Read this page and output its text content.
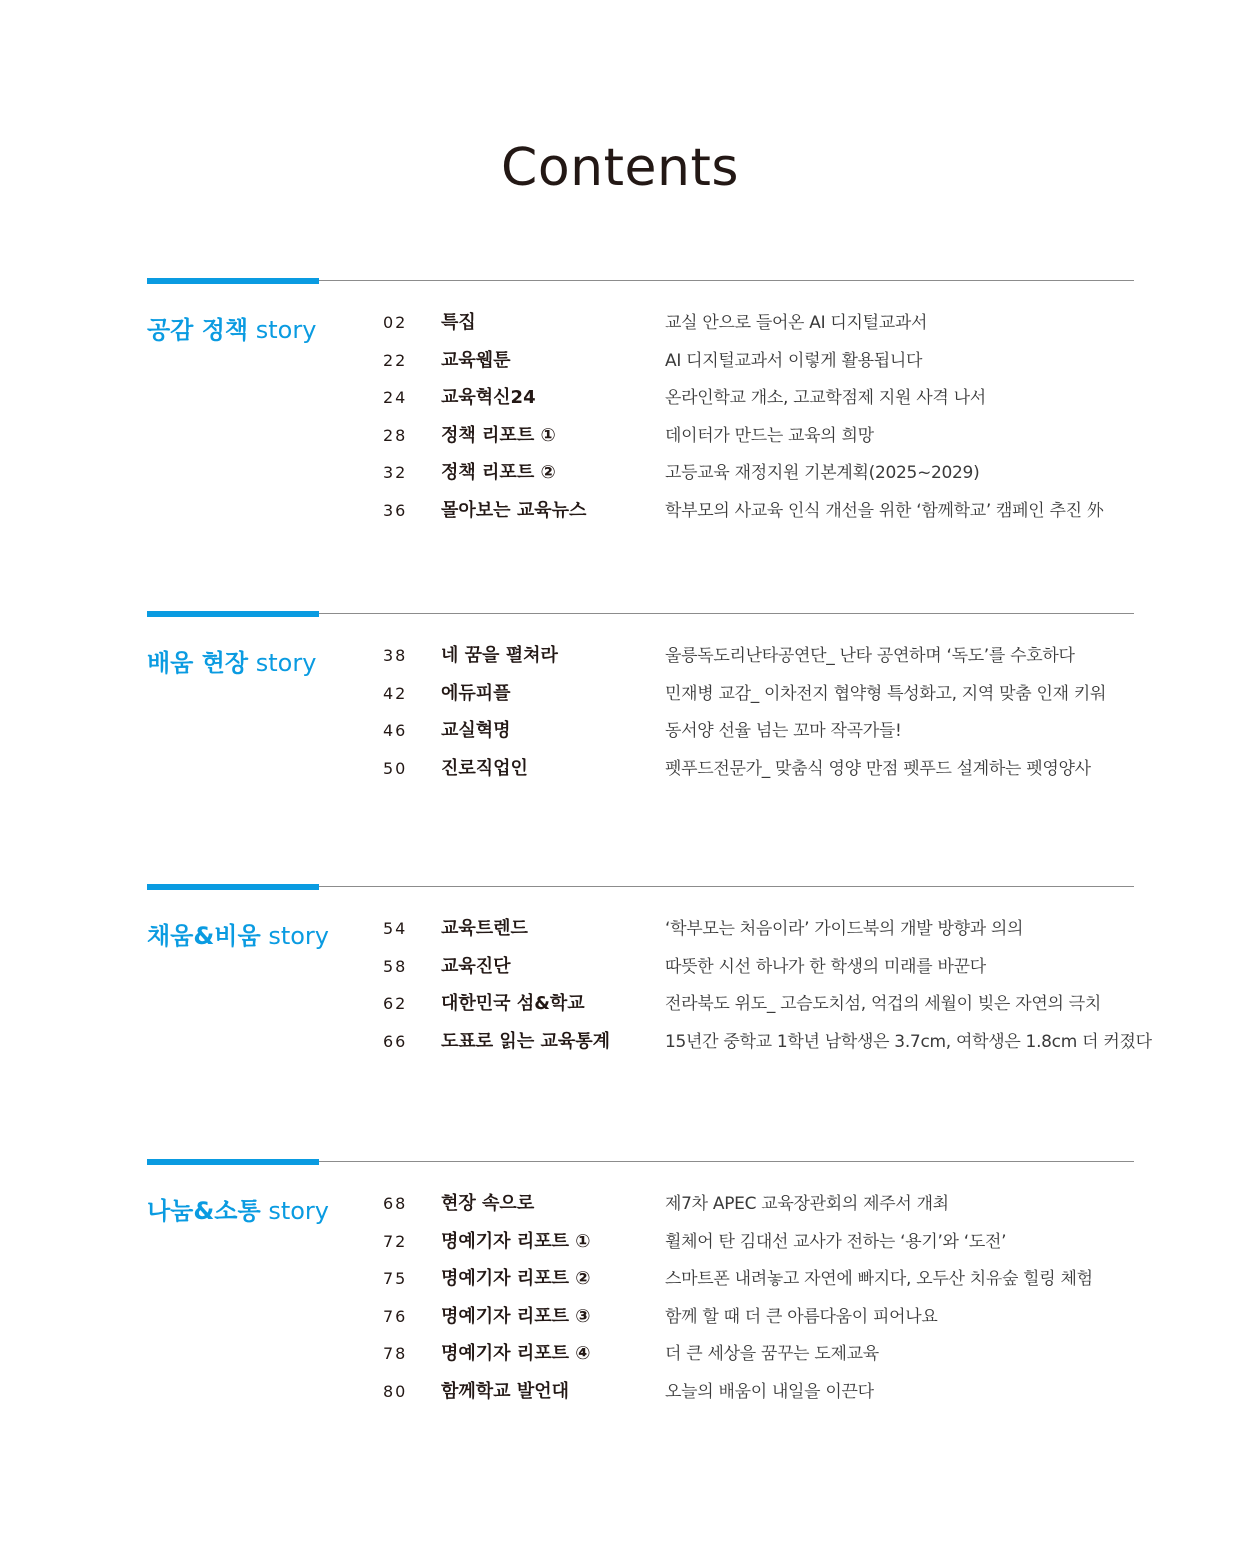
Contents
공감 정책 story	02 특집	교실 안으로 들어온 AI 디지털교과서
22 교육웹툰	AI 디지털교과서 이렇게 활용됩니다
24 교육혁신24	온라인학교 개소, 고교학점제 지원 사격 나서
28 정책 리포트 ①	데이터가 만드는 교육의 희망
32 정책 리포트 ②	고등교육 재정지원 기본계획(2025~2029)
36 몰아보는 교육뉴스	학부모의 사교육 인식 개선을 위한 ‘함께학교’ 캠페인 추진 外
배움 현장 story	38 네 꿈을 펼쳐라	울릉독도리난타공연단_ 난타 공연하며 ‘독도’를 수호하다
42 에듀피플	민재병 교감_ 이차전지 협약형 특성화고, 지역 맞춤 인재 키워
46 교실혁명	동서양 선율 넘는 꼬마 작곡가들!
50 진로직업인	펫푸드전문가_ 맞춤식 영양 만점 펫푸드 설계하는 펫영양사
채움&비움 story	54 교육트렌드	‘학부모는 처음이라’ 가이드북의 개발 방향과 의의
58 교육진단	따뜻한 시선 하나가 한 학생의 미래를 바꾼다
62 대한민국 섬&학교	전라북도 위도_ 고슴도치섬, 억겁의 세월이 빚은 자연의 극치
66 도표로 읽는 교육통계	15년간 중학교 1학년 남학생은 3.7cm, 여학생은 1.8cm 더 커졌다
나눔&소통 story	68 현장 속으로	제7차 APEC 교육장관회의 제주서 개최
72 명예기자 리포트 ①	휠체어 탄 김대선 교사가 전하는 ‘용기’와 ‘도전’
75 명예기자 리포트 ②	스마트폰 내려놓고 자연에 빠지다, 오두산 치유숲 힐링 체험
76 명예기자 리포트 ③	함께 할 때 더 큰 아름다움이 피어나요
78 명예기자 리포트 ④	더 큰 세상을 꿈꾸는 도제교육
80 함께학교 발언대	오늘의 배움이 내일을 이끈다
